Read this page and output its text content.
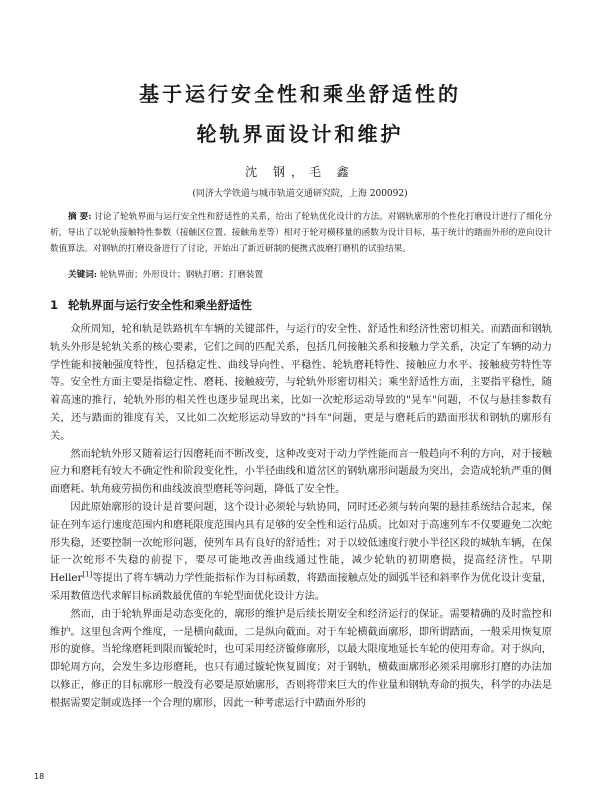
基于运行安全性和乘坐舒适性的
轮轨界面设计和维护
沈 钢，毛 鑫
(同济大学铁道与城市轨道交通研究院，上海 200092)
摘 要: 讨论了轮轨界面与运行安全性和舒适性的关系，给出了轮轨优化设计的方法。对钢轨廓形的个性化打磨设计进行了细化分析，导出了以轮轨接触特性参数（接触区位置、接触角差等）相对于轮对横移量的函数为设计目标，基于统计的踏面外形的逆向设计数值算法。对钢轨的打磨设备进行了讨论，开始出了新近研制的便携式波磨打磨机的试验结果。
关键词: 轮轨界面；外形设计；钢轨打磨；打磨装置
1 轮轨界面与运行安全性和乘坐舒适性

众所周知，轮和轨是铁路机车车辆的关键部件，与运行的安全性、舒适性和经济性密切相关。而踏面和钢轨轨头外形是轮轨关系的核心要素，它们之间的匹配关系，包括几何接触关系和接触力学关系，决定了车辆的动力学性能和接触强度特性，包括稳定性、曲线导向性、平稳性、轮轨磨耗特性、接触应力水平、接触疲劳特性等等。安全性方面主要是指稳定性、磨耗、接触疲劳，与轮轨外形密切相关；乘坐舒适性方面，主要指平稳性，随着高速的推行，轮轨外形的相关性也逐步显现出来，比如一次蛇形运动导致的"晃车"问题，不仅与悬挂参数有关，还与踏面的锥度有关，又比如二次蛇形运动导致的"抖车"问题，更是与磨耗后的踏面形状和钢轨的廓形有关。

然而轮轨外形又随着运行因磨耗而不断改变，这种改变对于动力学性能而言一般趋向不利的方向，对于接触应力和磨耗有较大不确定性和阶段变化性，小半径曲线和道岔区的钢轨廓形问题最为突出，会造成轮轨严重的侧面磨耗、轨角疲劳损伤和曲线波浪型磨耗等问题，降低了安全性。

因此原始廓形的设计是首要问题，这个设计必须轮与轨协同，同时还必须与转向架的悬挂系统结合起来，保证在列车运行速度范围内和磨耗限度范围内具有足够的安全性和运行品质。比如对于高速列车不仅要避免二次蛇形失稳，还要控制一次蛇形问题，使列车具有良好的舒适性；对于以较低速度行驶小半径区段的城轨车辆，在保证一次蛇形不失稳的前提下，要尽可能地改善曲线通过性能，减少轮轨的初期磨损，提高经济性。早期 Heller[1]等提出了将车辆动力学性能指标作为目标函数，将踏面接触点处的圆弧半径和斜率作为优化设计变量，采用数值迭代求解目标函数最优值的车轮型面优化设计方法。

然而，由于轮轨界面是动态变化的，廓形的维护是后续长期安全和经济运行的保证。需要精确的及时监控和维护。这里包含两个维度，一是横向截面，二是纵向截面。对于车轮横截面廓形，即所谓踏面，一般采用恢复原形的旋修。当轮缘磨耗到限而镟轮时，也可采用经济镟修廓形，以最大限度地延长车轮的使用寿命。对于纵向，即轮周方向，会发生多边形磨耗，也只有通过镟轮恢复圆度；对于钢轨，横截面廓形必须采用廓形打磨的办法加以修正，修正的目标廓形一般没有必要是原始廓形，否则将带来巨大的作业量和钢轨寿命的损失，科学的办法是根据需要定制或选择一个合理的廓形，因此一种考虑运行中踏面外形的

18
